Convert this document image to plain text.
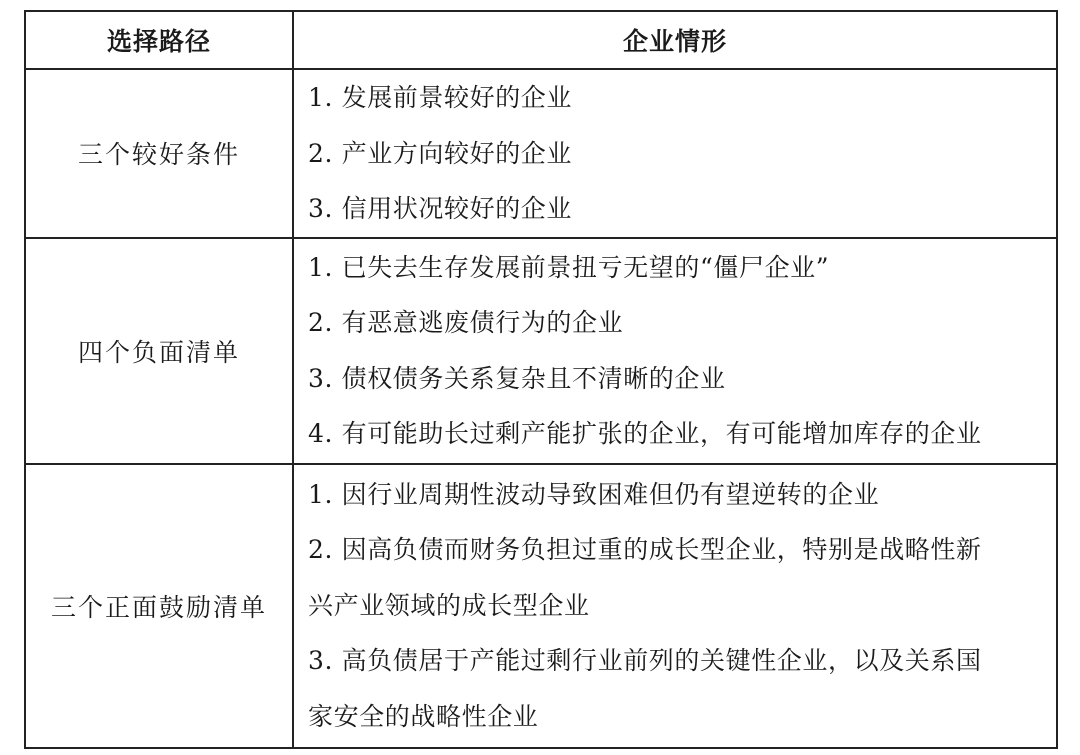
选择路径	企业情形
三个较好条件	1. 发展前景较好的企业
2. 产业方向较好的企业
3. 信用状况较好的企业

四个负面清单	1. 已失去生存发展前景扭亏无望的“僵尸企业”
2. 有恶意逃废债行为的企业
3. 债权债务关系复杂且不清晰的企业
4. 有可能助长过剩产能扩张的企业，有可能增加库存的企业

三个正面鼓励清单	1. 因行业周期性波动导致困难但仍有望逆转的企业
2. 因高负债而财务负担过重的成长型企业，特别是战略性新
兴产业领域的成长型企业
3. 高负债居于产能过剩行业前列的关键性企业，以及关系国
家安全的战略性企业
